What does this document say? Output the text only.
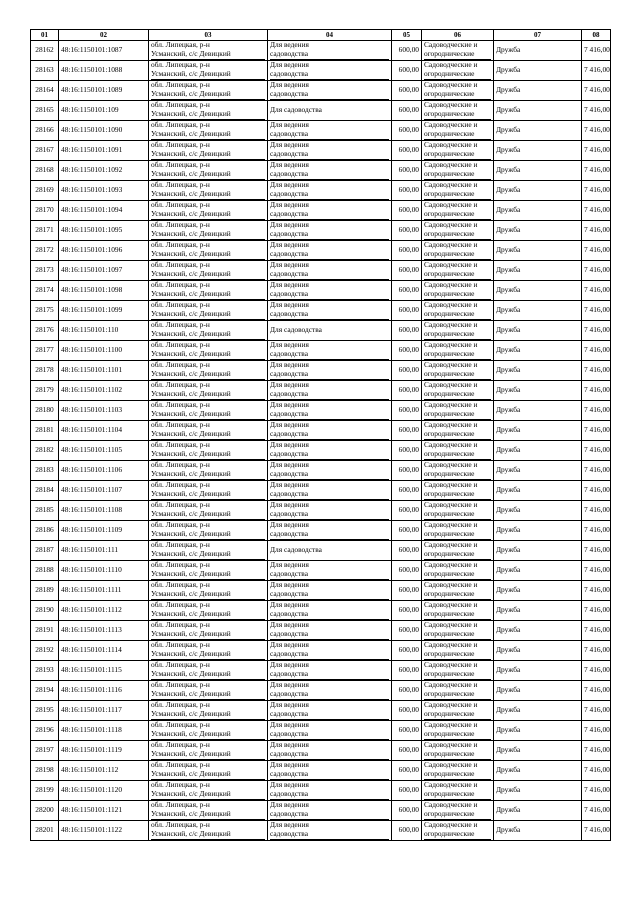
01	02	03	04	05	06	07	08
28162	48:16:1150101:1087	обл. Липецкая, р-н
Усманский, с/с Девицкий	Для ведения
садоводства	600,00	Садоводческие и
огороднические	Дружба	7 416,00
28163	48:16:1150101:1088	обл. Липецкая, р-н
Усманский, с/с Девицкий	Для ведения
садоводства	600,00	Садоводческие и
огороднические	Дружба	7 416,00
28164	48:16:1150101:1089	обл. Липецкая, р-н
Усманский, с/с Девицкий	Для ведения
садоводства	600,00	Садоводческие и
огороднические	Дружба	7 416,00
28165	48:16:1150101:109	обл. Липецкая, р-н
Усманский, с/с Девицкий	Для садоводства	600,00	Садоводческие и
огороднические	Дружба	7 416,00
28166	48:16:1150101:1090	обл. Липецкая, р-н
Усманский, с/с Девицкий	Для ведения
садоводства	600,00	Садоводческие и
огороднические	Дружба	7 416,00
28167	48:16:1150101:1091	обл. Липецкая, р-н
Усманский, с/с Девицкий	Для ведения
садоводства	600,00	Садоводческие и
огороднические	Дружба	7 416,00
28168	48:16:1150101:1092	обл. Липецкая, р-н
Усманский, с/с Девицкий	Для ведения
садоводства	600,00	Садоводческие и
огороднические	Дружба	7 416,00
28169	48:16:1150101:1093	обл. Липецкая, р-н
Усманский, с/с Девицкий	Для ведения
садоводства	600,00	Садоводческие и
огороднические	Дружба	7 416,00
28170	48:16:1150101:1094	обл. Липецкая, р-н
Усманский, с/с Девицкий	Для ведения
садоводства	600,00	Садоводческие и
огороднические	Дружба	7 416,00
28171	48:16:1150101:1095	обл. Липецкая, р-н
Усманский, с/с Девицкий	Для ведения
садоводства	600,00	Садоводческие и
огороднические	Дружба	7 416,00
28172	48:16:1150101:1096	обл. Липецкая, р-н
Усманский, с/с Девицкий	Для ведения
садоводства	600,00	Садоводческие и
огороднические	Дружба	7 416,00
28173	48:16:1150101:1097	обл. Липецкая, р-н
Усманский, с/с Девицкий	Для ведения
садоводства	600,00	Садоводческие и
огороднические	Дружба	7 416,00
28174	48:16:1150101:1098	обл. Липецкая, р-н
Усманский, с/с Девицкий	Для ведения
садоводства	600,00	Садоводческие и
огороднические	Дружба	7 416,00
28175	48:16:1150101:1099	обл. Липецкая, р-н
Усманский, с/с Девицкий	Для ведения
садоводства	600,00	Садоводческие и
огороднические	Дружба	7 416,00
28176	48:16:1150101:110	обл. Липецкая, р-н
Усманский, с/с Девицкий	Для садоводства	600,00	Садоводческие и
огороднические	Дружба	7 416,00
28177	48:16:1150101:1100	обл. Липецкая, р-н
Усманский, с/с Девицкий	Для ведения
садоводства	600,00	Садоводческие и
огороднические	Дружба	7 416,00
28178	48:16:1150101:1101	обл. Липецкая, р-н
Усманский, с/с Девицкий	Для ведения
садоводства	600,00	Садоводческие и
огороднические	Дружба	7 416,00
28179	48:16:1150101:1102	обл. Липецкая, р-н
Усманский, с/с Девицкий	Для ведения
садоводства	600,00	Садоводческие и
огороднические	Дружба	7 416,00
28180	48:16:1150101:1103	обл. Липецкая, р-н
Усманский, с/с Девицкий	Для ведения
садоводства	600,00	Садоводческие и
огороднические	Дружба	7 416,00
28181	48:16:1150101:1104	обл. Липецкая, р-н
Усманский, с/с Девицкий	Для ведения
садоводства	600,00	Садоводческие и
огороднические	Дружба	7 416,00
28182	48:16:1150101:1105	обл. Липецкая, р-н
Усманский, с/с Девицкий	Для ведения
садоводства	600,00	Садоводческие и
огороднические	Дружба	7 416,00
28183	48:16:1150101:1106	обл. Липецкая, р-н
Усманский, с/с Девицкий	Для ведения
садоводства	600,00	Садоводческие и
огороднические	Дружба	7 416,00
28184	48:16:1150101:1107	обл. Липецкая, р-н
Усманский, с/с Девицкий	Для ведения
садоводства	600,00	Садоводческие и
огороднические	Дружба	7 416,00
28185	48:16:1150101:1108	обл. Липецкая, р-н
Усманский, с/с Девицкий	Для ведения
садоводства	600,00	Садоводческие и
огороднические	Дружба	7 416,00
28186	48:16:1150101:1109	обл. Липецкая, р-н
Усманский, с/с Девицкий	Для ведения
садоводства	600,00	Садоводческие и
огороднические	Дружба	7 416,00
28187	48:16:1150101:111	обл. Липецкая, р-н
Усманский, с/с Девицкий	Для садоводства	600,00	Садоводческие и
огороднические	Дружба	7 416,00
28188	48:16:1150101:1110	обл. Липецкая, р-н
Усманский, с/с Девицкий	Для ведения
садоводства	600,00	Садоводческие и
огороднические	Дружба	7 416,00
28189	48:16:1150101:1111	обл. Липецкая, р-н
Усманский, с/с Девицкий	Для ведения
садоводства	600,00	Садоводческие и
огороднические	Дружба	7 416,00
28190	48:16:1150101:1112	обл. Липецкая, р-н
Усманский, с/с Девицкий	Для ведения
садоводства	600,00	Садоводческие и
огороднические	Дружба	7 416,00
28191	48:16:1150101:1113	обл. Липецкая, р-н
Усманский, с/с Девицкий	Для ведения
садоводства	600,00	Садоводческие и
огороднические	Дружба	7 416,00
28192	48:16:1150101:1114	обл. Липецкая, р-н
Усманский, с/с Девицкий	Для ведения
садоводства	600,00	Садоводческие и
огороднические	Дружба	7 416,00
28193	48:16:1150101:1115	обл. Липецкая, р-н
Усманский, с/с Девицкий	Для ведения
садоводства	600,00	Садоводческие и
огороднические	Дружба	7 416,00
28194	48:16:1150101:1116	обл. Липецкая, р-н
Усманский, с/с Девицкий	Для ведения
садоводства	600,00	Садоводческие и
огороднические	Дружба	7 416,00
28195	48:16:1150101:1117	обл. Липецкая, р-н
Усманский, с/с Девицкий	Для ведения
садоводства	600,00	Садоводческие и
огороднические	Дружба	7 416,00
28196	48:16:1150101:1118	обл. Липецкая, р-н
Усманский, с/с Девицкий	Для ведения
садоводства	600,00	Садоводческие и
огороднические	Дружба	7 416,00
28197	48:16:1150101:1119	обл. Липецкая, р-н
Усманский, с/с Девицкий	Для ведения
садоводства	600,00	Садоводческие и
огороднические	Дружба	7 416,00
28198	48:16:1150101:112	обл. Липецкая, р-н
Усманский, с/с Девицкий	Для ведения
садоводства	600,00	Садоводческие и
огороднические	Дружба	7 416,00
28199	48:16:1150101:1120	обл. Липецкая, р-н
Усманский, с/с Девицкий	Для ведения
садоводства	600,00	Садоводческие и
огороднические	Дружба	7 416,00
28200	48:16:1150101:1121	обл. Липецкая, р-н
Усманский, с/с Девицкий	Для ведения
садоводства	600,00	Садоводческие и
огороднические	Дружба	7 416,00
28201	48:16:1150101:1122	обл. Липецкая, р-н
Усманский, с/с Девицкий	Для ведения
садоводства	600,00	Садоводческие и
огороднические	Дружба	7 416,00
